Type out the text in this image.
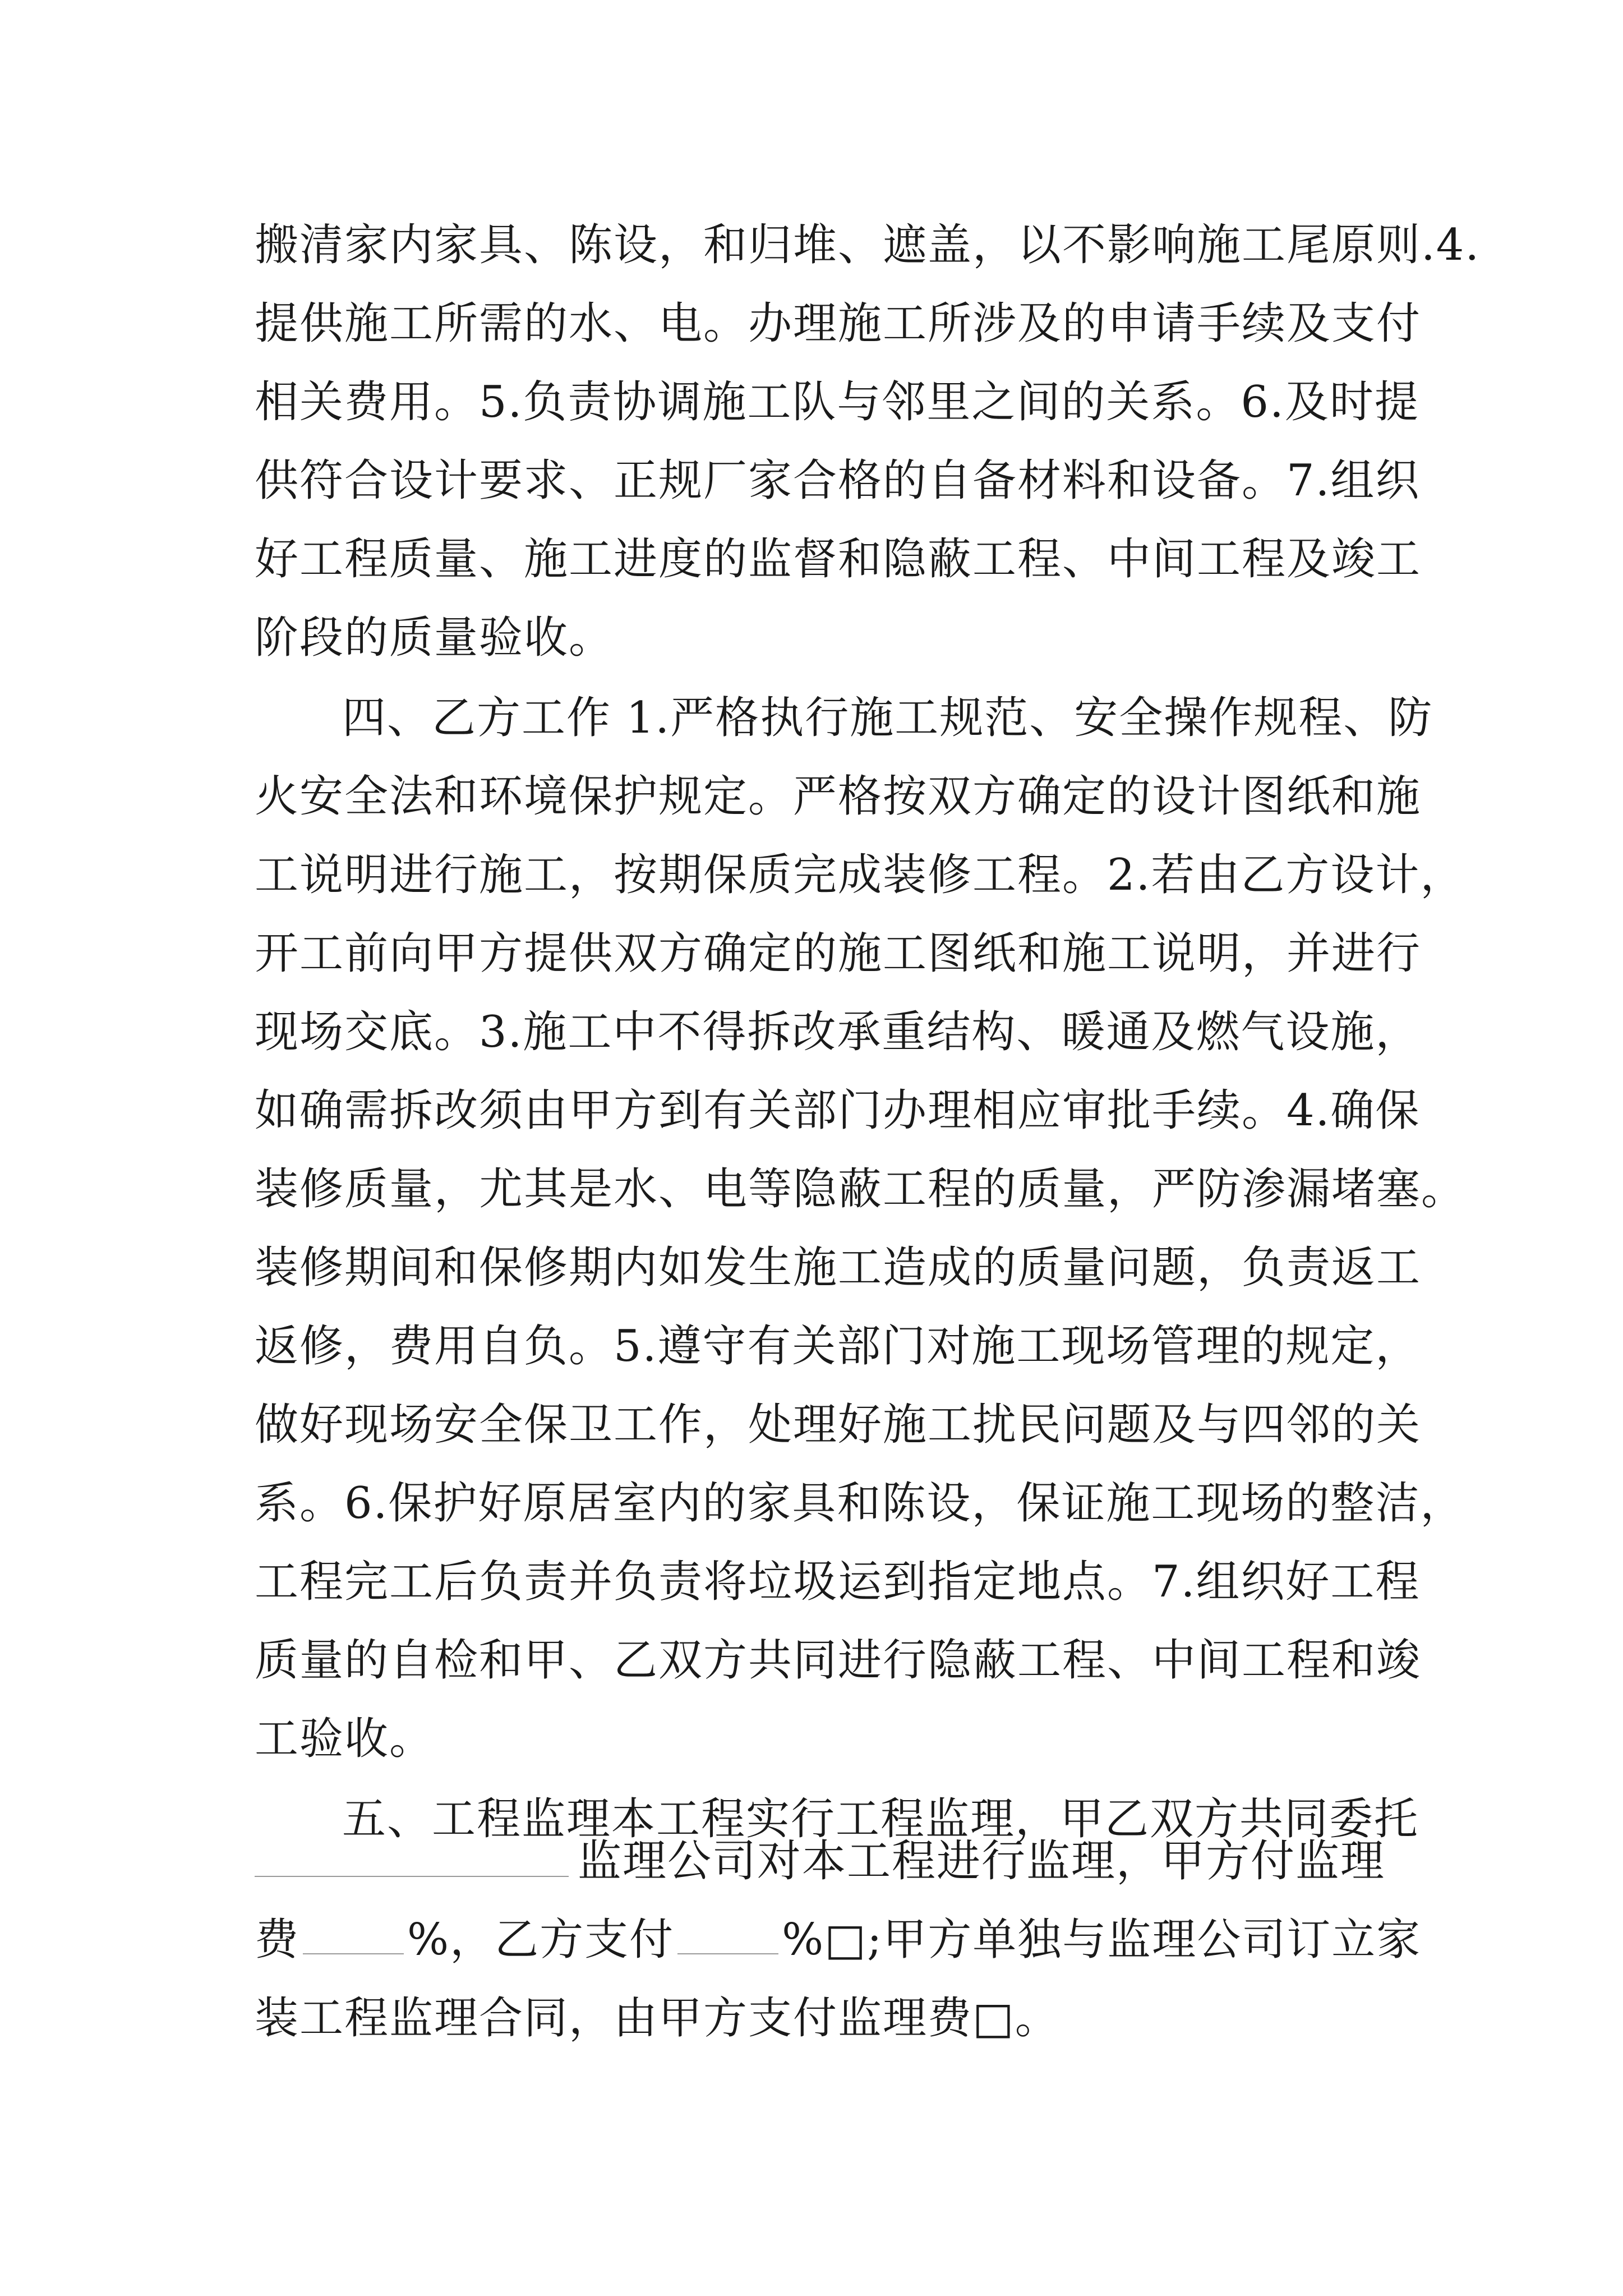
搬清家内家具、陈设，和归堆、遮盖，以不影响施工尾原则.4.
提供施工所需的水、电。办理施工所涉及的申请手续及支付
相关费用。5.负责协调施工队与邻里之间的关系。6.及时提
供符合设计要求、正规厂家合格的自备材料和设备。7.组织
好工程质量、施工进度的监督和隐蔽工程、中间工程及竣工
阶段的质量验收。
四、乙方工作 1.严格执行施工规范、安全操作规程、防
火安全法和环境保护规定。严格按双方确定的设计图纸和施
工说明进行施工，按期保质完成装修工程。2.若由乙方设计，
开工前向甲方提供双方确定的施工图纸和施工说明，并进行
现场交底。3.施工中不得拆改承重结构、暖通及燃气设施，
如确需拆改须由甲方到有关部门办理相应审批手续。4.确保
装修质量，尤其是水、电等隐蔽工程的质量，严防渗漏堵塞。
装修期间和保修期内如发生施工造成的质量问题，负责返工
返修，费用自负。5.遵守有关部门对施工现场管理的规定，
做好现场安全保卫工作，处理好施工扰民问题及与四邻的关
系。6.保护好原居室内的家具和陈设，保证施工现场的整洁，
工程完工后负责并负责将垃圾运到指定地点。7.组织好工程
质量的自检和甲、乙双方共同进行隐蔽工程、中间工程和竣
工验收。
五、工程监理本工程实行工程监理，甲乙双方共同委托
监理公司对本工程进行监理，甲方付监理
费 %，乙方支付 %□;甲方单独与监理公司订立家
装工程监理合同，由甲方支付监理费□。
